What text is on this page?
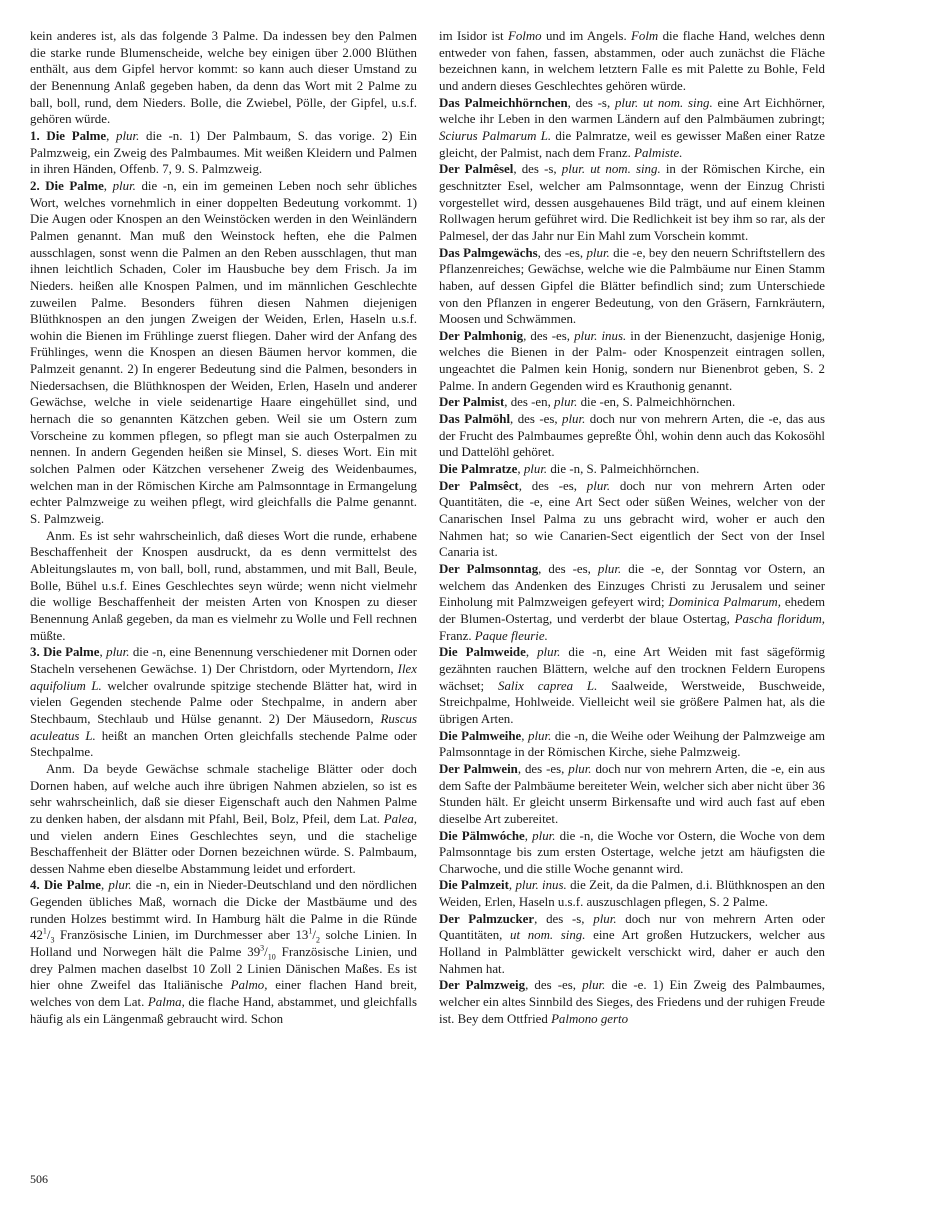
kein anderes ist, als das folgende 3 Palme. Da indessen bey den Palmen die starke runde Blumenscheide, welche bey einigen über 2.000 Blüthen enthält, aus dem Gipfel hervor kommt: so kann auch dieser Umstand zu der Benennung Anlaß gegeben haben, da denn das Wort mit 2 Palme zu ball, boll, rund, dem Nieders. Bolle, die Zwiebel, Pölle, der Gipfel, u.s.f. gehören würde.

1. Die Palme, plur. die -n. 1) Der Palmbaum, S. das vorige. 2) Ein Palmzweig, ein Zweig des Palmbaumes. Mit weißen Kleidern und Palmen in ihren Händen, Offenb. 7, 9. S. Palmzweig.

2. Die Palme, plur. die -n, ein im gemeinen Leben noch sehr übliches Wort, welches vornehmlich in einer doppelten Bedeutung vorkommt. 1) Die Augen oder Knospen an den Weinstöcken werden in den Weinländern Palmen genannt. Man muß den Weinstock heften, ehe die Palmen ausschlagen, sonst wenn die Palmen an den Reben ausschlagen, thut man ihnen leichtlich Schaden, Coler im Hausbuche bey dem Frisch. Ja im Nieders. heißen alle Knospen Palmen, und im männlichen Geschlechte zuweilen Palme. Besonders führen diesen Nahmen diejenigen Blüthknospen an den jungen Zweigen der Weiden, Erlen, Haseln u.s.f. wohin die Bienen im Frühlinge zuerst fliegen. Daher wird der Anfang des Frühlinges, wenn die Knospen an diesen Bäumen hervor kommen, die Palmzeit genannt. 2) In engerer Bedeutung sind die Palmen, besonders in Niedersachsen, die Blüthknospen der Weiden, Erlen, Haseln und anderer Gewächse, welche in viele seidenartige Haare eingehüllet sind, und hernach die so genannten Kätzchen geben. Weil sie um Ostern zum Vorscheine zu kommen pflegen, so pflegt man sie auch Osterpalmen zu nennen. In andern Gegenden heißen sie Minsel, S. dieses Wort. Ein mit solchen Palmen oder Kätzchen versehener Zweig des Weidenbaumes, welchen man in der Römischen Kirche am Palmsonntage in Ermangelung echter Palmzweige zu weihen pflegt, wird gleichfalls die Palme genannt. S. Palmzweig.

Anm. Es ist sehr wahrscheinlich, daß dieses Wort die runde, erhabene Beschaffenheit der Knospen ausdruckt, da es denn vermittelst des Ableitungslautes m, von ball, boll, rund, abstammen, und mit Ball, Beule, Bolle, Bühel u.s.f. Eines Geschlechtes seyn würde; wenn nicht vielmehr die wollige Beschaffenheit der meisten Arten von Knospen zu dieser Benennung Anlaß gegeben, da man es vielmehr zu Wolle und Fell rechnen müßte.

3. Die Palme, plur. die -n, eine Benennung verschiedener mit Dornen oder Stacheln versehenen Gewächse. 1) Der Christdorn, oder Myrtendorn, Ilex aquifolium L. welcher ovalrunde spitzige stechende Blätter hat, wird in vielen Gegenden stechende Palme oder Stechpalme, in andern aber Stechbaum, Stechlaub und Hülse genannt. 2) Der Mäusedorn, Ruscus aculeatus L. heißt an manchen Orten gleichfalls stechende Palme oder Stechpalme.

Anm. Da beyde Gewächse schmale stachelige Blätter oder doch Dornen haben, auf welche auch ihre übrigen Nahmen abzielen, so ist es sehr wahrscheinlich, daß sie dieser Eigenschaft auch den Nahmen Palme zu denken haben, der alsdann mit Pfahl, Beil, Bolz, Pfeil, dem Lat. Palea, und vielen andern Eines Geschlechtes seyn, und die stachelige Beschaffenheit der Blätter oder Dornen bezeichnen würde. S. Palmbaum, dessen Nahme eben dieselbe Abstammung leidet und erfordert.

4. Die Palme, plur. die -n, ein in Nieder-Deutschland und den nördlichen Gegenden übliches Maß, wornach die Dicke der Mastbäume und des runden Holzes bestimmt wird. In Hamburg hält die Palme in die Ründe $42^1/_3$ Französische Linien, im Durchmesser aber $13^1/_2$ solche Linien. In Holland und Norwegen hält die Palme $39^3/_{10}$ Französische Linien, und drey Palmen machen daselbst 10 Zoll 2 Linien Dänischen Maßes. Es ist hier ohne Zweifel das Italiänische Palmo, einer flachen Hand breit, welches von dem Lat. Palma, die flache Hand, abstammet, und gleichfalls häufig als ein Längenmaß gebraucht wird. Schon

im Isidor ist Folmo und im Angels. Folm die flache Hand, welches denn entweder von fahen, fassen, abstammen, oder auch zunächst die Fläche bezeichnen kann, in welchem letztern Falle es mit Palette zu Bohle, Feld und andern dieses Geschlechtes gehören würde.

Das Palmeichhörnchen, des -s, plur. ut nom. sing. eine Art Eichhörner, welche ihr Leben in den warmen Ländern auf den Palmbäumen zubringt; Sciurus Palmarum L. die Palmratze, weil es gewisser Maßen einer Ratze gleicht, der Palmist, nach dem Franz. Palmiste.

Der Palmêsel, des -s, plur. ut nom. sing. in der Römischen Kirche, ein geschnitzter Esel, welcher am Palmsonntage, wenn der Einzug Christi vorgestellet wird, dessen ausgehauenes Bild trägt, und auf einem kleinen Rollwagen herum geführet wird. Die Redlichkeit ist bey ihm so rar, als der Palmesel, der das Jahr nur Ein Mahl zum Vorschein kommt.

Das Palmgewächs, des -es, plur. die -e, bey den neuern Schriftstellern des Pflanzenreiches; Gewächse, welche wie die Palmbäume nur Einen Stamm haben, auf dessen Gipfel die Blätter befindlich sind; zum Unterschiede von den Pflanzen in engerer Bedeutung, von den Gräsern, Farnkräutern, Moosen und Schwämmen.

Der Palmhonig, des -es, plur. inus. in der Bienenzucht, dasjenige Honig, welches die Bienen in der Palm- oder Knospenzeit eintragen sollen, ungeachtet die Palmen kein Honig, sondern nur Bienenbrot geben, S. 2 Palme. In andern Gegenden wird es Krauthonig genannt.

Der Palmist, des -en, plur. die -en, S. Palmeichhörnchen.

Das Palmöhl, des -es, plur. doch nur von mehrern Arten, die -e, das aus der Frucht des Palmbaumes gepreßte Öhl, wohin denn auch das Kokosöhl und Dattelöhl gehöret.

Die Palmratze, plur. die -n, S. Palmeichhörnchen.

Der Palmsêct, des -es, plur. doch nur von mehrern Arten oder Quantitäten, die -e, eine Art Sect oder süßen Weines, welcher von der Canarischen Insel Palma zu uns gebracht wird, woher er auch den Nahmen hat; so wie Canarien-Sect eigentlich der Sect von der Insel Canaria ist.

Der Palmsonntag, des -es, plur. die -e, der Sonntag vor Ostern, an welchem das Andenken des Einzuges Christi zu Jerusalem und seiner Einholung mit Palmzweigen gefeyert wird; Dominica Palmarum, ehedem der Blumen-Ostertag, und verderbt der blaue Ostertag, Pascha floridum, Franz. Paque fleurie.

Die Palmweide, plur. die -n, eine Art Weiden mit fast sägeförmig gezähnten rauchen Blättern, welche auf den trocknen Feldern Europens wächset; Salix caprea L. Saalweide, Werstweide, Buschweide, Streichpalme, Hohlweide. Vielleicht weil sie größere Palmen hat, als die übrigen Arten.

Die Palmweihe, plur. die -n, die Weihe oder Weihung der Palmzweige am Palmsonntage in der Römischen Kirche, siehe Palmzweig.

Der Palmwein, des -es, plur. doch nur von mehrern Arten, die -e, ein aus dem Safte der Palmbäume bereiteter Wein, welcher sich aber nicht über 36 Stunden hält. Er gleicht unserm Birkensafte und wird auch fast auf eben dieselbe Art zubereitet.

Die Pälmwóche, plur. die -n, die Woche vor Ostern, die Woche von dem Palmsonntage bis zum ersten Ostertage, welche jetzt am häufigsten die Charwoche, und die stille Woche genannt wird.

Die Palmzeit, plur. inus. die Zeit, da die Palmen, d.i. Blüthknospen an den Weiden, Erlen, Haseln u.s.f. auszuschlagen pflegen, S. 2 Palme.

Der Palmzucker, des -s, plur. doch nur von mehrern Arten oder Quantitäten, ut nom. sing. eine Art großen Hutzuckers, welcher aus Holland in Palmblätter gewickelt verschickt wird, daher er auch den Nahmen hat.

Der Palmzweig, des -es, plur. die -e. 1) Ein Zweig des Palmbaumes, welcher ein altes Sinnbild des Sieges, des Friedens und der ruhigen Freude ist. Bey dem Ottfried Palmono gerto

506
